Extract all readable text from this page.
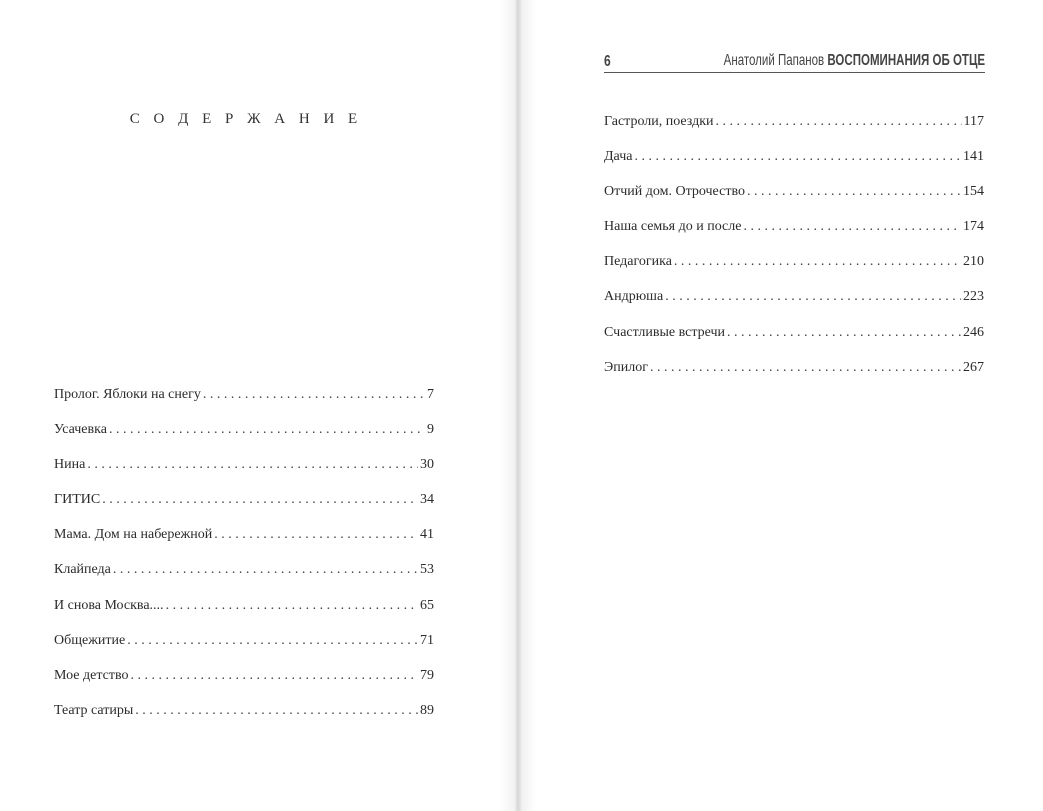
С О Д Е Р Ж А Н И Е
Пролог. Яблоки на снегу . . .	7
Усачевка . . .	9
Нина . . .	30
ГИТИС . . .	34
Мама. Дом на набережной . . .	41
Клайпеда . . .	53
И снова Москва.... . . .	65
Общежитие . . .	71
Мое детство . . .	79
Театр сатиры . . .	89
6	Анатолий Папанов ВОСПОМИНАНИЯ ОБ ОТЦЕ
Гастроли, поездки . . .	117
Дача . . .	141
Отчий дом. Отрочество . . .	154
Наша семья до и после . . .	174
Педагогика . . .	210
Андрюша . . .	223
Счастливые встречи . . .	246
Эпилог . . .	267
